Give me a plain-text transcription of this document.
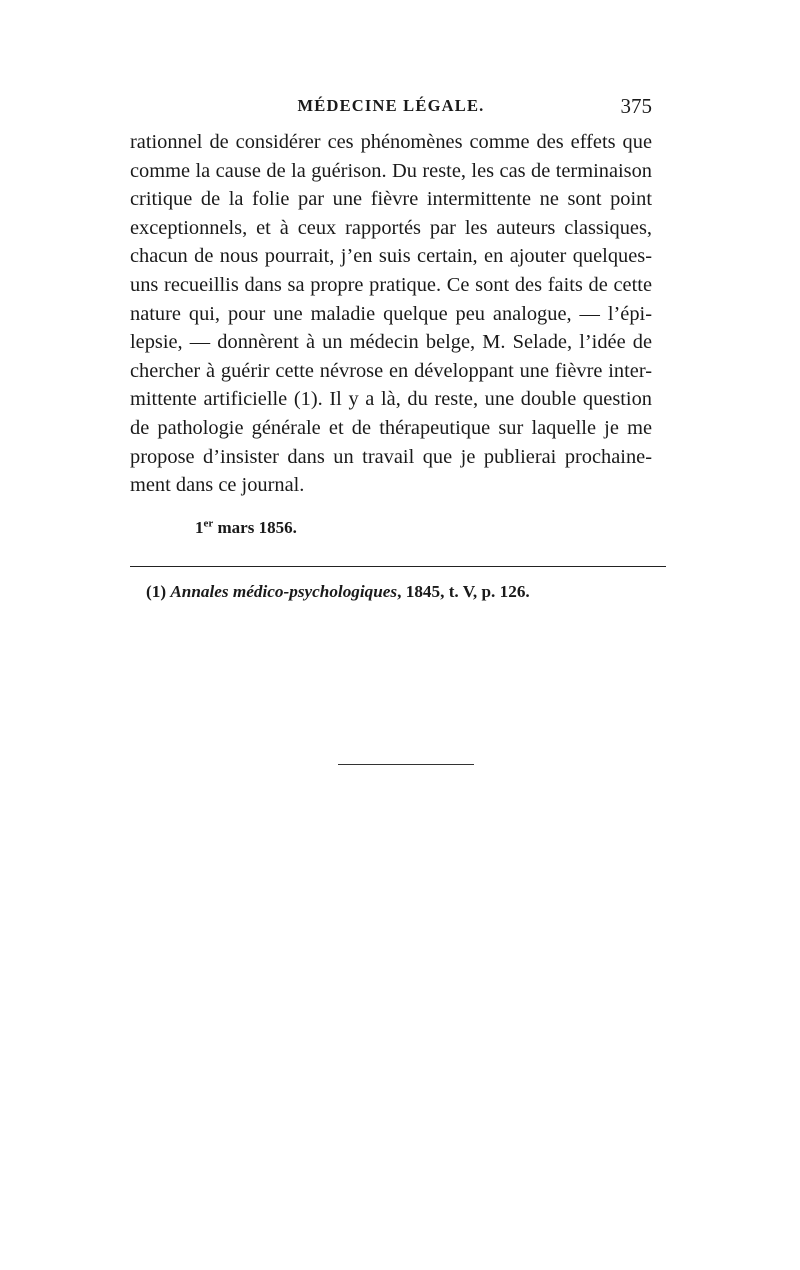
MÉDECINE LÉGALE.	375
rationnel de considérer ces phénomènes comme des effets que
comme la cause de la guérison. Du reste, les cas de terminaison
critique de la folie par une fièvre intermittente ne sont point
exceptionnels, et à ceux rapportés par les auteurs classiques,
chacun de nous pourrait, j’en suis certain, en ajouter quelques-
uns recueillis dans sa propre pratique. Ce sont des faits de cette
nature qui, pour une maladie quelque peu analogue, — l’épi-
lepsie, — donnèrent à un médecin belge, M. Selade, l’idée de
chercher à guérir cette névrose en développant une fièvre inter-
mittente artificielle (1). Il y a là, du reste, une double question
de pathologie générale et de thérapeutique sur laquelle je me
propose d’insister dans un travail que je publierai prochaine-
ment dans ce journal.
1er mars 1856.
(1) Annales médico-psychologiques, 1845, t. V, p. 126.
